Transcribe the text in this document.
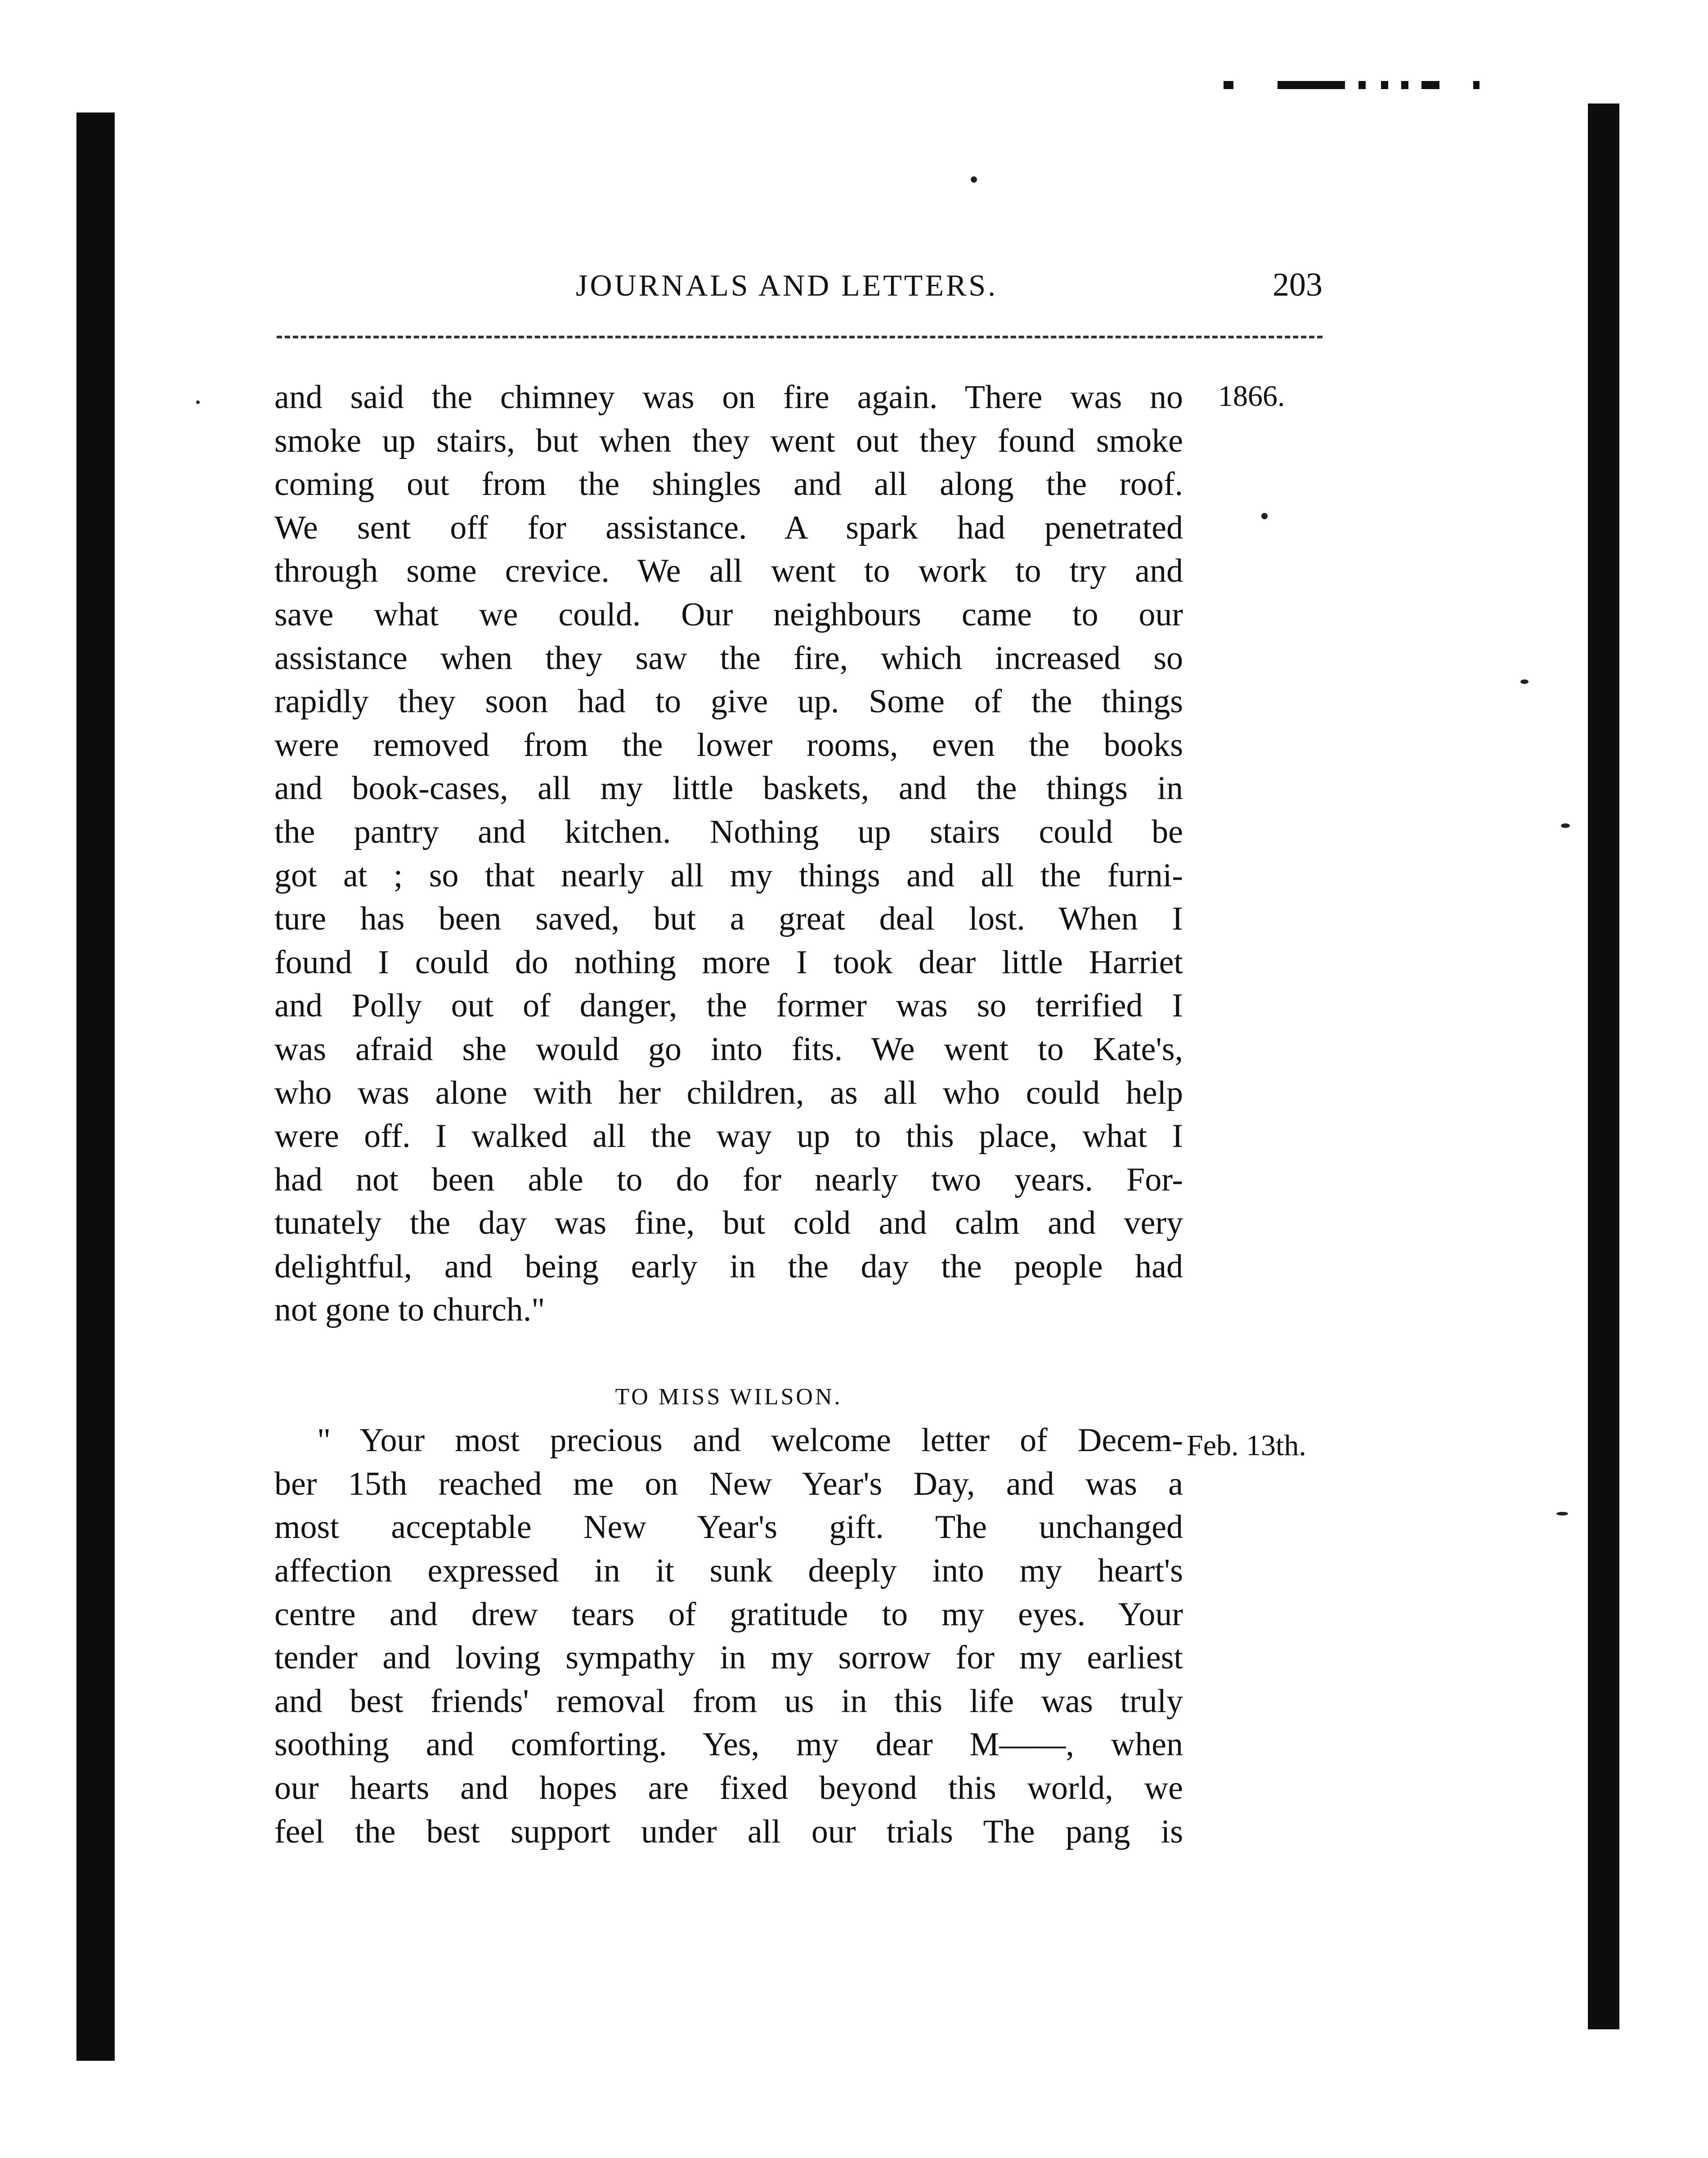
JOURNALS AND LETTERS.	203
1866.
Feb. 13th.
and said the chimney was on fire again. There was no
smoke up stairs, but when they went out they found smoke
coming out from the shingles and all along the roof.
We sent off for assistance. A spark had penetrated
through some crevice. We all went to work to try and
save what we could. Our neighbours came to our
assistance when they saw the fire, which increased so
rapidly they soon had to give up. Some of the things
were removed from the lower rooms, even the books
and book-cases, all my little baskets, and the things in
the pantry and kitchen. Nothing up stairs could be
got at ; so that nearly all my things and all the furni-
ture has been saved, but a great deal lost. When I
found I could do nothing more I took dear little Harriet
and Polly out of danger, the former was so terrified I
was afraid she would go into fits. We went to Kate's,
who was alone with her children, as all who could help
were off. I walked all the way up to this place, what I
had not been able to do for nearly two years. For-
tunately the day was fine, but cold and calm and very
delightful, and being early in the day the people had
not gone to church."
TO MISS WILSON.
" Your most precious and welcome letter of Decem-
ber 15th reached me on New Year's Day, and was a
most acceptable New Year's gift. The unchanged
affection expressed in it sunk deeply into my heart's
centre and drew tears of gratitude to my eyes. Your
tender and loving sympathy in my sorrow for my earliest
and best friends' removal from us in this life was truly
soothing and comforting. Yes, my dear M——, when
our hearts and hopes are fixed beyond this world, we
feel the best support under all our trials The pang is
